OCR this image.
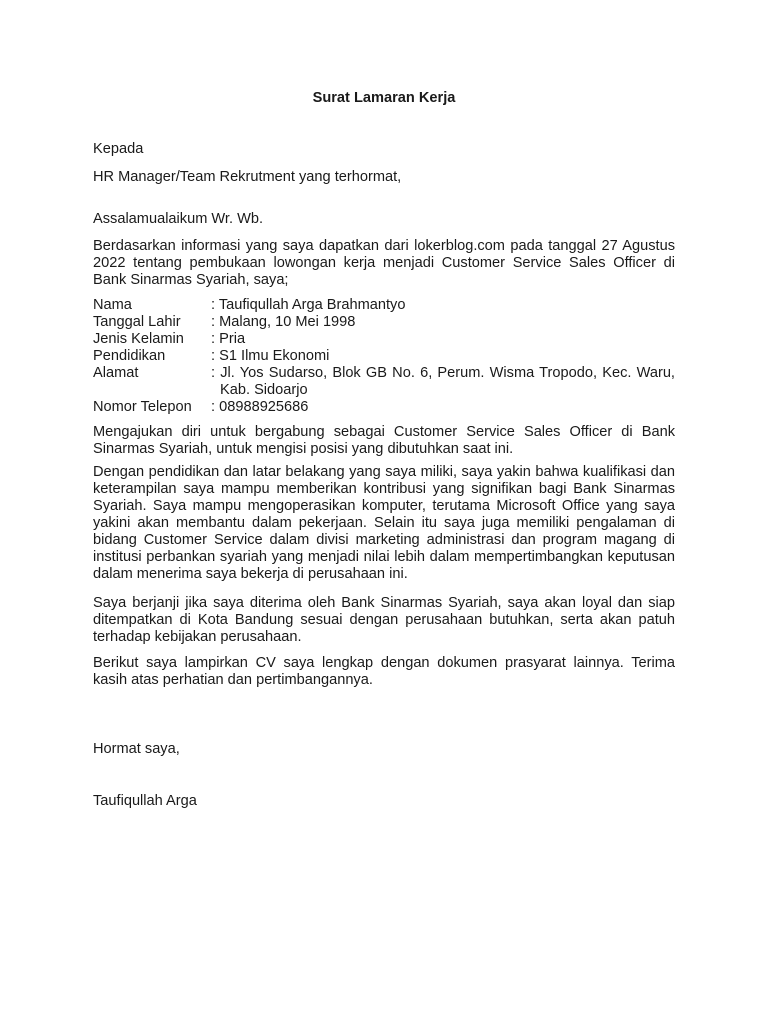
Surat Lamaran Kerja
Kepada
HR Manager/Team Rekrutment yang terhormat,
Assalamualaikum Wr. Wb.
Berdasarkan informasi yang saya dapatkan dari lokerblog.com pada tanggal 27 Agustus 2022 tentang pembukaan lowongan kerja menjadi Customer Service Sales Officer di Bank Sinarmas Syariah, saya;
Nama	: Taufiqullah Arga Brahmantyo
Tanggal Lahir	: Malang, 10 Mei 1998
Jenis Kelamin	: Pria
Pendidikan	: S1 Ilmu Ekonomi
Alamat	: Jl. Yos Sudarso, Blok GB No. 6, Perum. Wisma Tropodo, Kec. Waru, Kab. Sidoarjo
Nomor Telepon	: 08988925686
Mengajukan diri untuk bergabung sebagai Customer Service Sales Officer di Bank Sinarmas Syariah, untuk mengisi posisi yang dibutuhkan saat ini.
Dengan pendidikan dan latar belakang yang saya miliki, saya yakin bahwa kualifikasi dan keterampilan saya mampu memberikan kontribusi yang signifikan bagi Bank Sinarmas Syariah. Saya mampu mengoperasikan komputer, terutama Microsoft Office yang saya yakini akan membantu dalam pekerjaan. Selain itu saya juga memiliki pengalaman di bidang Customer Service dalam divisi marketing administrasi dan program magang di institusi perbankan syariah yang menjadi nilai lebih dalam mempertimbangkan keputusan dalam menerima saya bekerja di perusahaan ini.
Saya berjanji jika saya diterima oleh Bank Sinarmas Syariah, saya akan loyal dan siap ditempatkan di Kota Bandung sesuai dengan perusahaan butuhkan, serta akan patuh terhadap kebijakan perusahaan.
Berikut saya lampirkan CV saya lengkap dengan dokumen prasyarat lainnya. Terima kasih atas perhatian dan pertimbangannya.
Hormat saya,
Taufiqullah Arga
